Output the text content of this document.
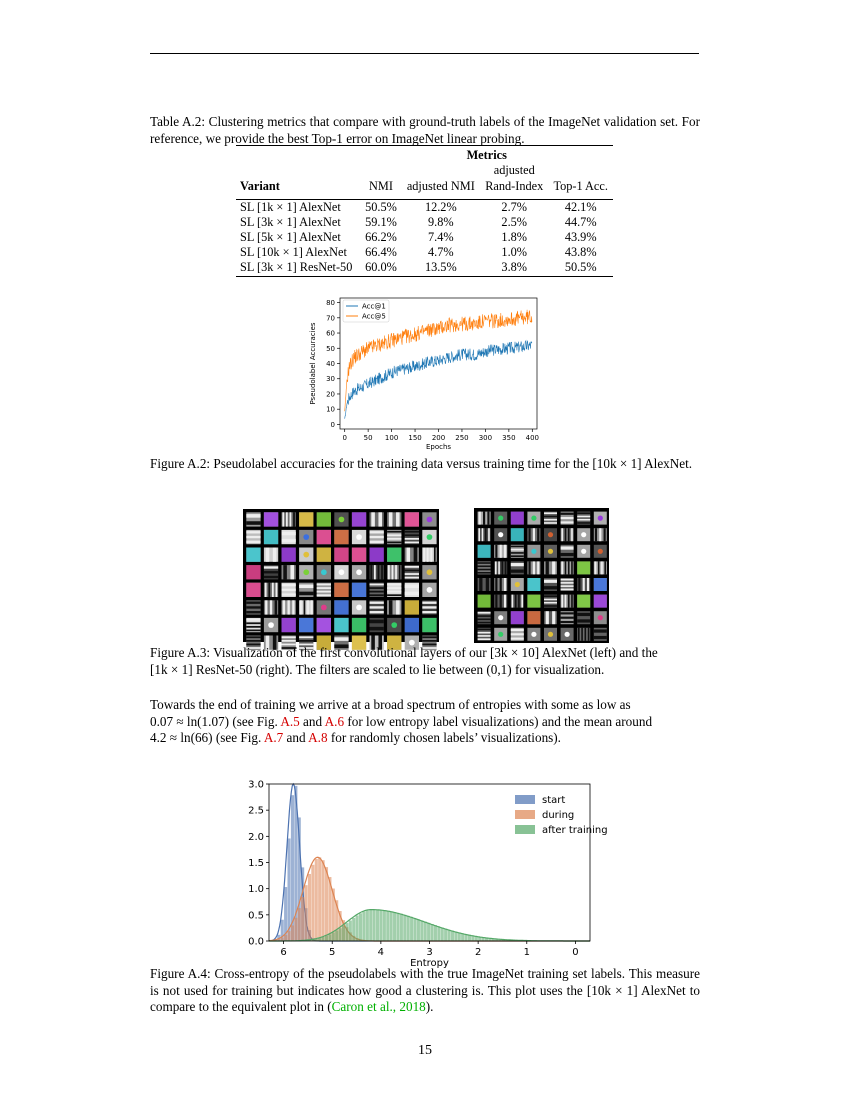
Table A.2: Clustering metrics that compare with ground-truth labels of the ImageNet validation set. For reference, we provide the best Top-1 error on ImageNet linear probing.
	Metrics			
			adjusted	
Variant	NMI	adjusted NMI	Rand-Index	Top-1 Acc.

SL [1k × 1] AlexNet	50.5%	12.2%	2.7%	42.1%
SL [3k × 1] AlexNet	59.1%	9.8%	2.5%	44.7%
SL [5k × 1] AlexNet	66.2%	7.4%	1.8%	43.9%
SL [10k × 1] AlexNet	66.4%	4.7%	1.0%	43.8%
SL [3k × 1] ResNet-50	60.0%	13.5%	3.8%	50.5%
0 50 100 150 200 250 300 350 400
0
10
20
30
40
50
60
70
80
Epochs
Pseudolabel Accuracies
Acc@1
Acc@5
Figure A.2: Pseudolabel accuracies for the training data versus training time for the [10k × 1] AlexNet.
Figure A.3: Visualization of the first convolutional layers of our [3k × 10] AlexNet (left) and the
[1k × 1] ResNet-50 (right). The filters are scaled to lie between (0,1) for visualization.
Towards the end of training we arrive at a broad spectrum of entropies with some as low as
0.07 ≈ ln(1.07) (see Fig. A.5 and A.6 for low entropy label visualizations) and the mean around
4.2 ≈ ln(66) (see Fig. A.7 and A.8 for randomly chosen labels’ visualizations).
start
during
after training
6	5	4	3	2	1	0
0.0
0.5
1.0
1.5
2.0
2.5
3.0
Entropy
Figure A.4: Cross-entropy of the pseudolabels with the true ImageNet training set labels. This measure is not used for training but indicates how good a clustering is. This plot uses the [10k × 1] AlexNet to compare to the equivalent plot in (Caron et al., 2018).
15
